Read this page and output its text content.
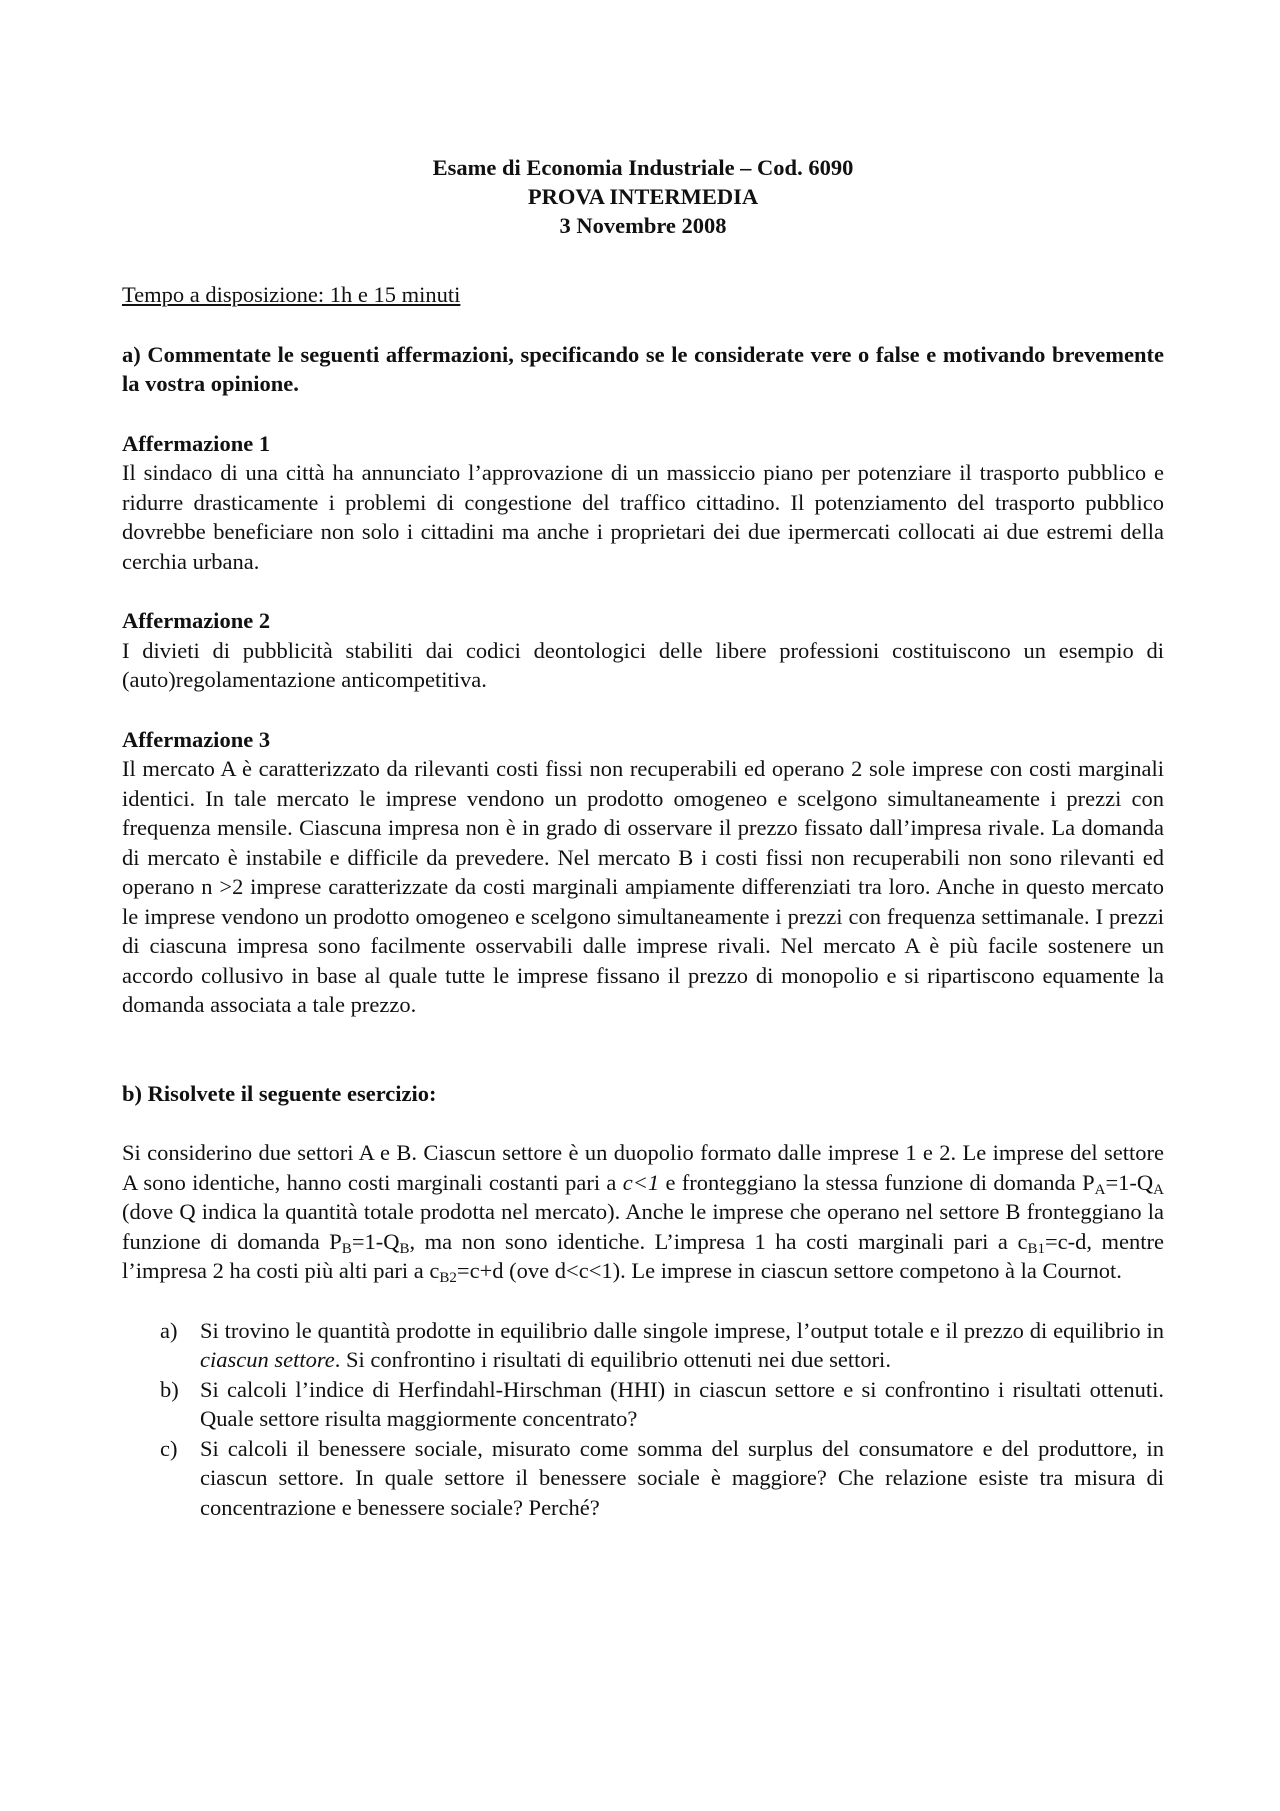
Esame di Economia Industriale – Cod. 6090
PROVA INTERMEDIA
3 Novembre 2008
Tempo a disposizione: 1h e 15 minuti
a) Commentate le seguenti affermazioni, specificando se le considerate vere o false e motivando brevemente la vostra opinione.
Affermazione 1
Il sindaco di una città ha annunciato l’approvazione di un massiccio piano per potenziare il trasporto pubblico e ridurre drasticamente i problemi di congestione del traffico cittadino. Il potenziamento del trasporto pubblico dovrebbe beneficiare non solo i cittadini ma anche i proprietari dei due ipermercati collocati ai due estremi della cerchia urbana.
Affermazione 2
I divieti di pubblicità stabiliti dai codici deontologici delle libere professioni costituiscono un esempio di (auto)regolamentazione anticompetitiva.
Affermazione 3
Il mercato A è caratterizzato da rilevanti costi fissi non recuperabili ed operano 2 sole imprese con costi marginali identici. In tale mercato le imprese vendono un prodotto omogeneo e scelgono simultaneamente i prezzi con frequenza mensile. Ciascuna impresa non è in grado di osservare il prezzo fissato dall’impresa rivale. La domanda di mercato è instabile e difficile da prevedere. Nel mercato B i costi fissi non recuperabili non sono rilevanti ed operano n >2 imprese caratterizzate da costi marginali ampiamente differenziati tra loro. Anche in questo mercato le imprese vendono un prodotto omogeneo e scelgono simultaneamente i prezzi con frequenza settimanale. I prezzi di ciascuna impresa sono facilmente osservabili dalle imprese rivali. Nel mercato A è più facile sostenere un accordo collusivo in base al quale tutte le imprese fissano il prezzo di monopolio e si ripartiscono equamente la domanda associata a tale prezzo.
b) Risolvete il seguente esercizio:
Si considerino due settori A e B. Ciascun settore è un duopolio formato dalle imprese 1 e 2. Le imprese del settore A sono identiche, hanno costi marginali costanti pari a c<1 e fronteggiano la stessa funzione di domanda $P_A=1-Q_A$ (dove Q indica la quantità totale prodotta nel mercato). Anche le imprese che operano nel settore B fronteggiano la funzione di domanda $P_B=1-Q_B$, ma non sono identiche. L’impresa 1 ha costi marginali pari a $c_{B1}=c-d$, mentre l’impresa 2 ha costi più alti pari a $c_{B2}=c+d$ (ove d<c<1). Le imprese in ciascun settore competono à la Cournot.
a) Si trovino le quantità prodotte in equilibrio dalle singole imprese, l’output totale e il prezzo di equilibrio in ciascun settore. Si confrontino i risultati di equilibrio ottenuti nei due settori.
b) Si calcoli l’indice di Herfindahl-Hirschman (HHI) in ciascun settore e si confrontino i risultati ottenuti. Quale settore risulta maggiormente concentrato?
c) Si calcoli il benessere sociale, misurato come somma del surplus del consumatore e del produttore, in ciascun settore. In quale settore il benessere sociale è maggiore? Che relazione esiste tra misura di concentrazione e benessere sociale? Perché?
